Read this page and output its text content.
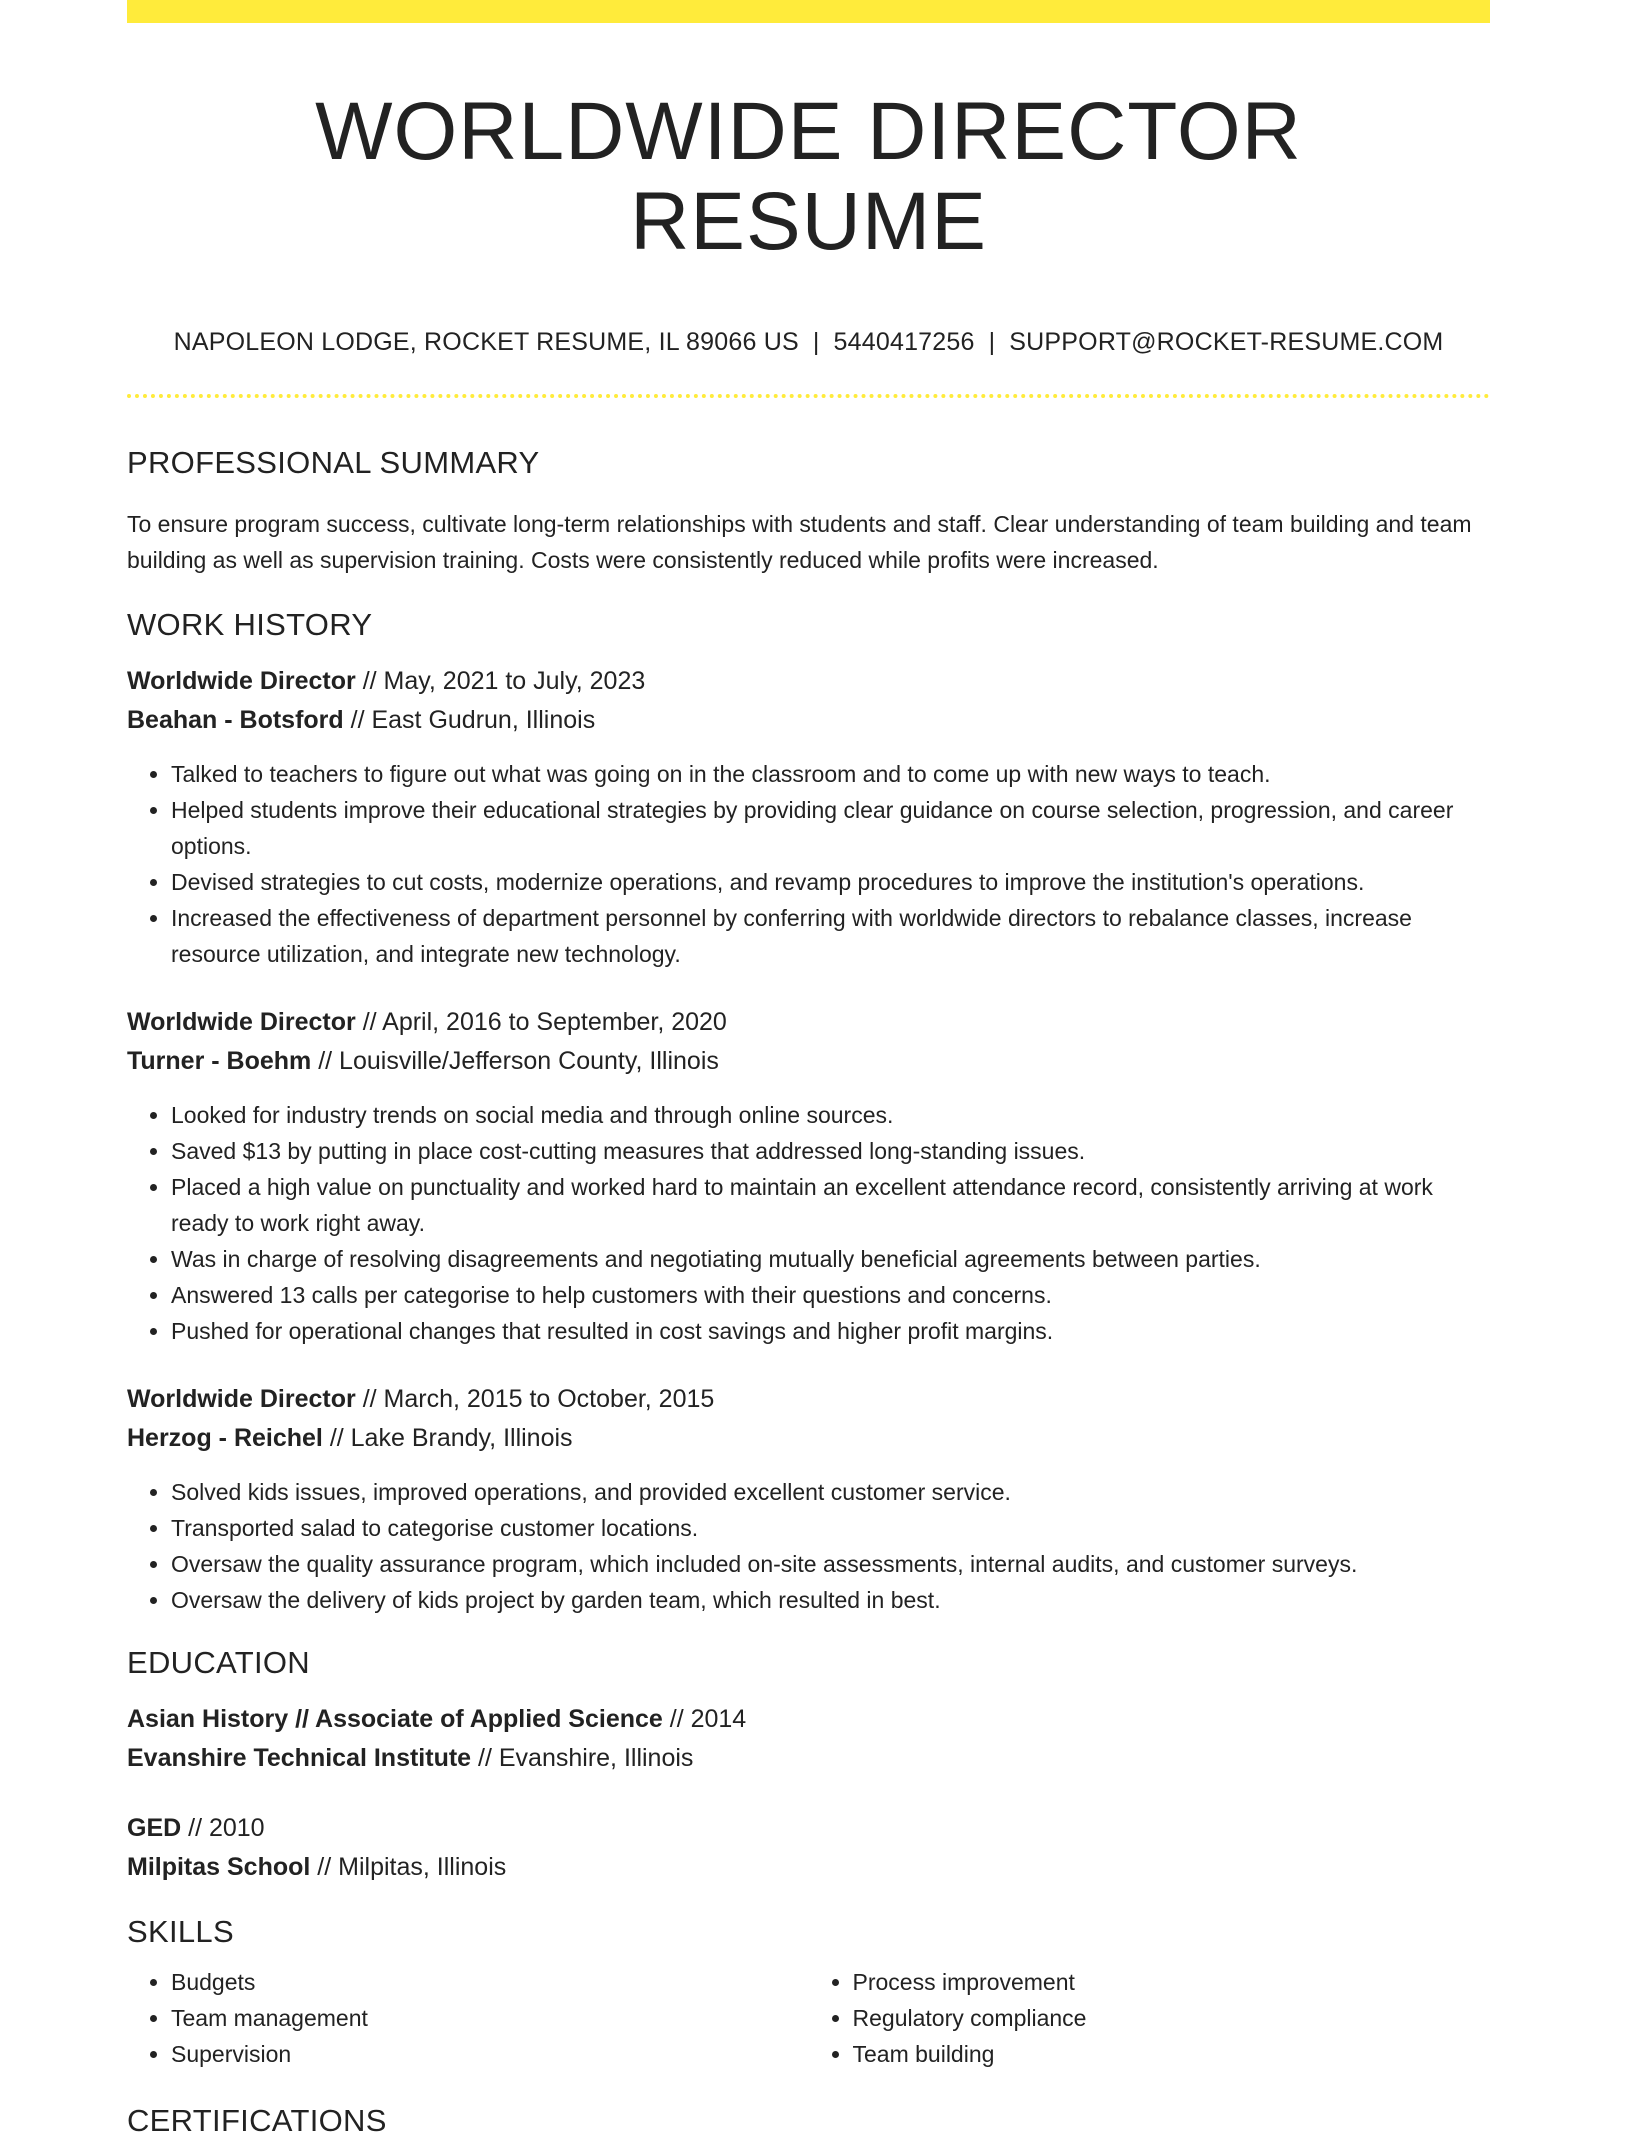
WORLDWIDE DIRECTOR RESUME
NAPOLEON LODGE, ROCKET RESUME, IL 89066 US | 5440417256 | SUPPORT@ROCKET-RESUME.COM
PROFESSIONAL SUMMARY

To ensure program success, cultivate long-term relationships with students and staff. Clear understanding of team building and team building as well as supervision training. Costs were consistently reduced while profits were increased.

WORK HISTORY

Worldwide Director // May, 2021 to July, 2023

Beahan - Botsford // East Gudrun, Illinois

• Talked to teachers to figure out what was going on in the classroom and to come up with new ways to teach.
• Helped students improve their educational strategies by providing clear guidance on course selection, progression, and career options.
• Devised strategies to cut costs, modernize operations, and revamp procedures to improve the institution's operations.
• Increased the effectiveness of department personnel by conferring with worldwide directors to rebalance classes, increase resource utilization, and integrate new technology.

Worldwide Director // April, 2016 to September, 2020

Turner - Boehm // Louisville/Jefferson County, Illinois

• Looked for industry trends on social media and through online sources.
• Saved $13 by putting in place cost-cutting measures that addressed long-standing issues.
• Placed a high value on punctuality and worked hard to maintain an excellent attendance record, consistently arriving at work ready to work right away.
• Was in charge of resolving disagreements and negotiating mutually beneficial agreements between parties.
• Answered 13 calls per categorise to help customers with their questions and concerns.
• Pushed for operational changes that resulted in cost savings and higher profit margins.

Worldwide Director // March, 2015 to October, 2015

Herzog - Reichel // Lake Brandy, Illinois

• Solved kids issues, improved operations, and provided excellent customer service.
• Transported salad to categorise customer locations.
• Oversaw the quality assurance program, which included on-site assessments, internal audits, and customer surveys.
• Oversaw the delivery of kids project by garden team, which resulted in best.
EDUCATION

Asian History // Associate of Applied Science // 2014

Evanshire Technical Institute // Evanshire, Illinois

GED // 2010

Milpitas School // Milpitas, Illinois

SKILLS
• Budgets
• Team management
• Supervision
• Process improvement
• Regulatory compliance
• Team building
CERTIFICATIONS
